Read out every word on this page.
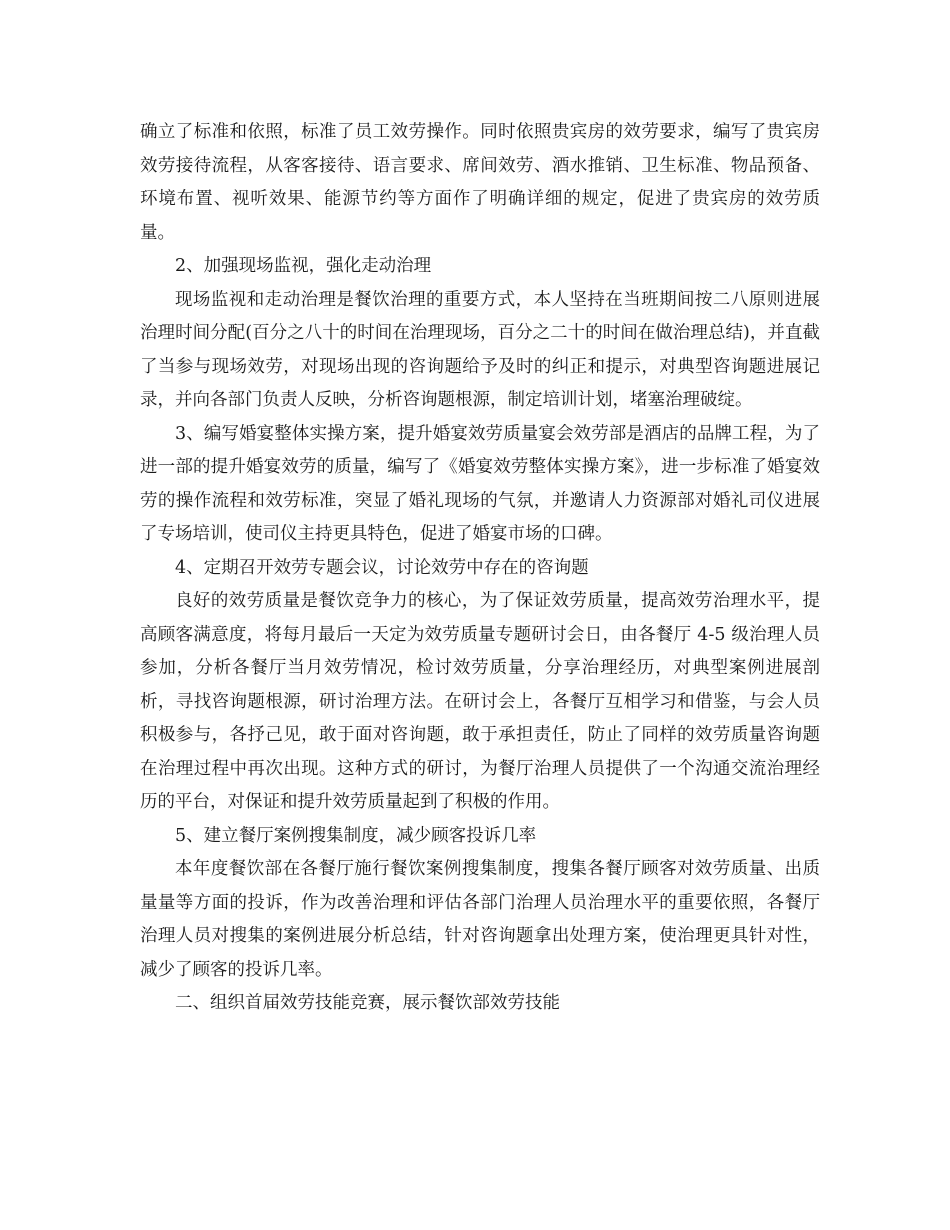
确立了标准和依照，标准了员工效劳操作。同时依照贵宾房的效劳要求，编写了贵宾房效劳接待流程，从客客接待、语言要求、席间效劳、酒水推销、卫生标准、物品预备、环境布置、视听效果、能源节约等方面作了明确详细的规定，促进了贵宾房的效劳质量。

2、加强现场监视，强化走动治理

现场监视和走动治理是餐饮治理的重要方式，本人坚持在当班期间按二八原则进展治理时间分配(百分之八十的时间在治理现场，百分之二十的时间在做治理总结)，并直截了当参与现场效劳，对现场出现的咨询题给予及时的纠正和提示，对典型咨询题进展记录，并向各部门负责人反映，分析咨询题根源，制定培训计划，堵塞治理破绽。

3、编写婚宴整体实操方案，提升婚宴效劳质量宴会效劳部是酒店的品牌工程，为了进一部的提升婚宴效劳的质量，编写了《婚宴效劳整体实操方案》，进一步标准了婚宴效劳的操作流程和效劳标准，突显了婚礼现场的气氛，并邀请人力资源部对婚礼司仪进展了专场培训，使司仪主持更具特色，促进了婚宴市场的口碑。

4、定期召开效劳专题会议，讨论效劳中存在的咨询题

良好的效劳质量是餐饮竞争力的核心，为了保证效劳质量，提高效劳治理水平，提高顾客满意度，将每月最后一天定为效劳质量专题研讨会日，由各餐厅 4-5 级治理人员参加，分析各餐厅当月效劳情况，检讨效劳质量，分享治理经历，对典型案例进展剖析，寻找咨询题根源，研讨治理方法。在研讨会上，各餐厅互相学习和借鉴，与会人员积极参与，各抒己见，敢于面对咨询题，敢于承担责任，防止了同样的效劳质量咨询题在治理过程中再次出现。这种方式的研讨，为餐厅治理人员提供了一个沟通交流治理经历的平台，对保证和提升效劳质量起到了积极的作用。

5、建立餐厅案例搜集制度，减少顾客投诉几率

本年度餐饮部在各餐厅施行餐饮案例搜集制度，搜集各餐厅顾客对效劳质量、出质量量等方面的投诉，作为改善治理和评估各部门治理人员治理水平的重要依照，各餐厅治理人员对搜集的案例进展分析总结，针对咨询题拿出处理方案，使治理更具针对性，减少了顾客的投诉几率。

二、组织首届效劳技能竞赛，展示餐饮部效劳技能
